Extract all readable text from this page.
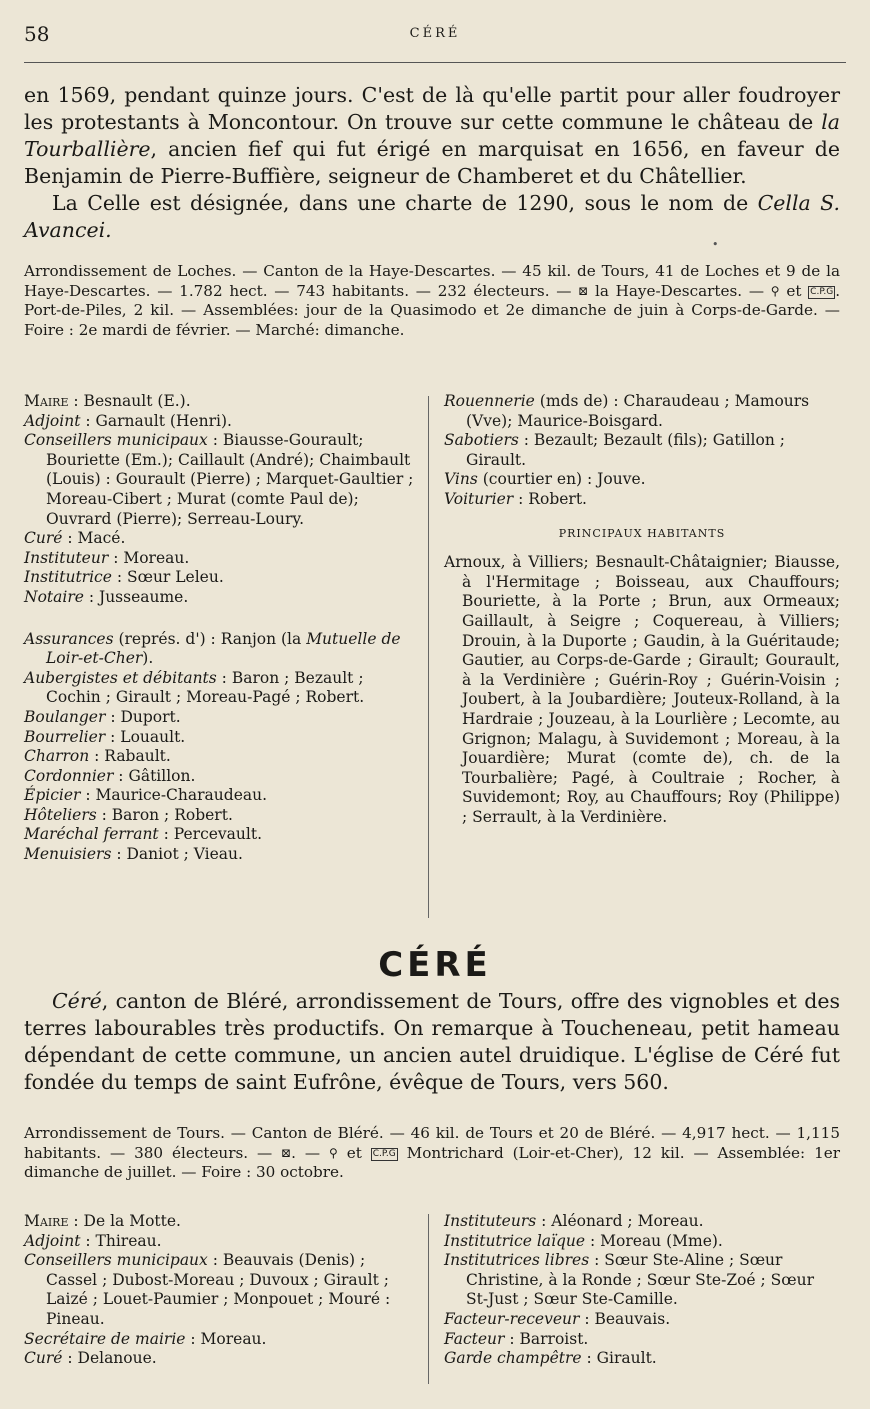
58	CÉRÉ

en 1569, pendant quinze jours. C'est de là qu'elle partit pour aller foudroyer les protestants à Moncontour. On trouve sur cette commune le château de la Tourballière, ancien fief qui fut érigé en marquisat en 1656, en faveur de Benjamin de Pierre-Buffière, seigneur de Chamberet et du Châtellier.

La Celle est désignée, dans une charte de 1290, sous le nom de Cella S. Avancei.

•

Arrondissement de Loches. — Canton de la Haye-Descartes. — 45 kil. de Tours, 41 de Loches et 9 de la Haye-Descartes. — 1.782 hect. — 743 habitants. — 232 électeurs. — ⊠ la Haye-Descartes. — ⚲ et C.P.G . Port-de-Piles, 2 kil. — Assemblées: jour de la Quasimodo et 2e dimanche de juin à Corps-de-Garde. — Foire : 2e mardi de février. — Marché: dimanche.

Maire : Besnault (E.).

Adjoint : Garnault (Henri).

Conseillers municipaux : Biausse-Gourault; Bouriette (Em.); Caillault (André); Chaimbault (Louis) : Gourault (Pierre) ; Marquet-Gaultier ; Moreau-Cibert ; Murat (comte Paul de); Ouvrard (Pierre); Serreau-Loury.

Curé : Macé.

Instituteur : Moreau.

Institutrice : Sœur Leleu.

Notaire : Jusseaume.

Assurances (représ. d') : Ranjon (la Mutuelle de Loir-et-Cher).

Aubergistes et débitants : Baron ; Bezault ; Cochin ; Girault ; Moreau-Pagé ; Robert.

Boulanger : Duport.

Bourrelier : Louault.

Charron : Rabault.

Cordonnier : Gâtillon.

Épicier : Maurice-Charaudeau.

Hôteliers : Baron ; Robert.

Maréchal ferrant : Percevault.

Menuisiers : Daniot ; Vieau.

Rouennerie (mds de) : Charaudeau ; Mamours (Vve); Maurice-Boisgard.

Sabotiers : Bezault; Bezault (fils); Gatillon ; Girault.

Vins (courtier en) : Jouve.

Voiturier : Robert.

PRINCIPAUX HABITANTS

Arnoux, à Villiers; Besnault-Châtaignier; Biausse, à l'Hermitage ; Boisseau, aux Chauffours; Bouriette, à la Porte ; Brun, aux Ormeaux; Gaillault, à Seigre ; Coquereau, à Villiers; Drouin, à la Duporte ; Gaudin, à la Guéritaude; Gautier, au Corps-de-Garde ; Girault; Gourault, à la Verdinière ; Guérin-Roy ; Guérin-Voisin ; Joubert, à la Joubardière; Jouteux-Rolland, à la Hardraie ; Jouzeau, à la Lourlière ; Lecomte, au Grignon; Malagu, à Suvidemont ; Moreau, à la Jouardière; Murat (comte de), ch. de la Tourbalière; Pagé, à Coultraie ; Rocher, à Suvidemont; Roy, au Chauffours; Roy (Philippe) ; Serrault, à la Verdinière.

CÉRÉ

Céré, canton de Bléré, arrondissement de Tours, offre des vignobles et des terres labourables très productifs. On remarque à Toucheneau, petit hameau dépendant de cette commune, un ancien autel druidique. L'église de Céré fut fondée du temps de saint Eufrône, évêque de Tours, vers 560.

Arrondissement de Tours. — Canton de Bléré. — 46 kil. de Tours et 20 de Bléré. — 4,917 hect. — 1,115 habitants. — 380 électeurs. — ⊠. — ⚲ et C.P.G Montrichard (Loir-et-Cher), 12 kil. — Assemblée: 1er dimanche de juillet. — Foire : 30 octobre.

Maire : De la Motte.

Adjoint : Thireau.

Conseillers municipaux : Beauvais (Denis) ; Cassel ; Dubost-Moreau ; Duvoux ; Girault ; Laizé ; Louet-Paumier ; Monpouet ; Mouré : Pineau.

Secrétaire de mairie : Moreau.

Curé : Delanoue.

Instituteurs : Aléonard ; Moreau.

Institutrice laïque : Moreau (Mme).

Institutrices libres : Sœur Ste-Aline ; Sœur Christine, à la Ronde ; Sœur Ste-Zoé ; Sœur St-Just ; Sœur Ste-Camille.

Facteur-receveur : Beauvais.

Facteur : Barroist.

Garde champêtre : Girault.
